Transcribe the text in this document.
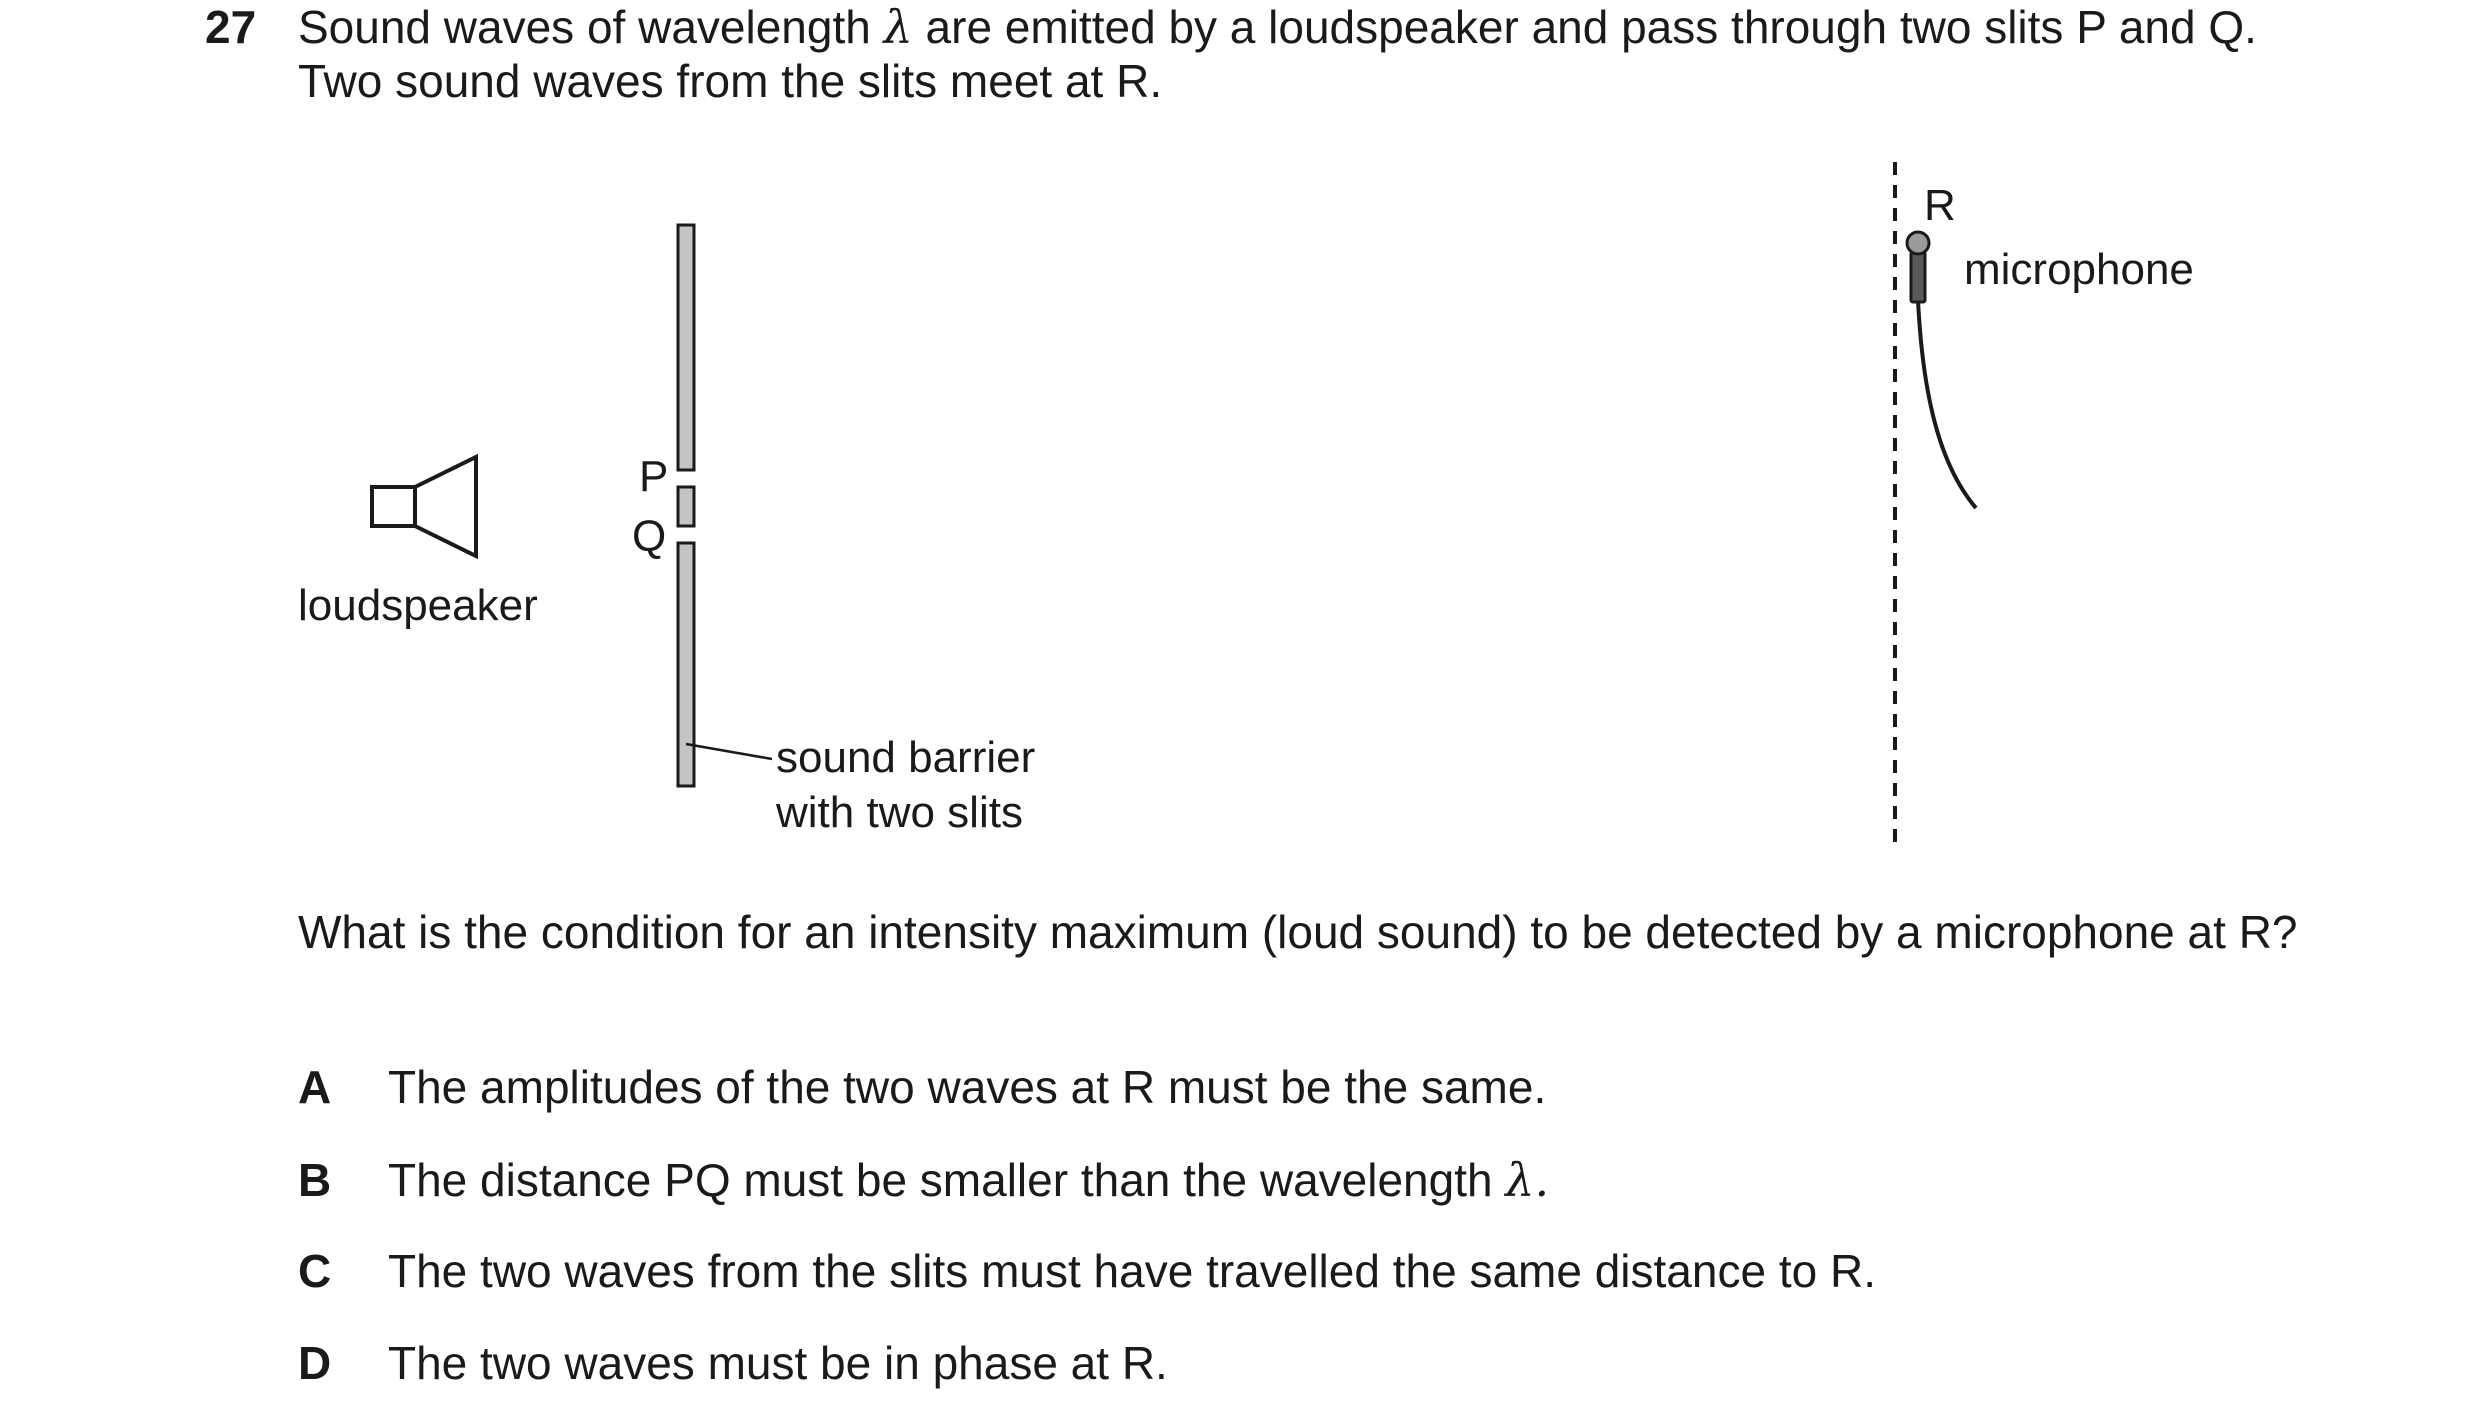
27 Sound waves of wavelength λ are emitted by a loudspeaker and pass through two slits P and Q.
Two sound waves from the slits meet at R.
loudspeaker
P
Q
sound barrier
with two slits
R
microphone
What is the condition for an intensity maximum (loud sound) to be detected by a microphone at R?
A The amplitudes of the two waves at R must be the same.
B The distance PQ must be smaller than the wavelength λ.
C The two waves from the slits must have travelled the same distance to R.
D The two waves must be in phase at R.
